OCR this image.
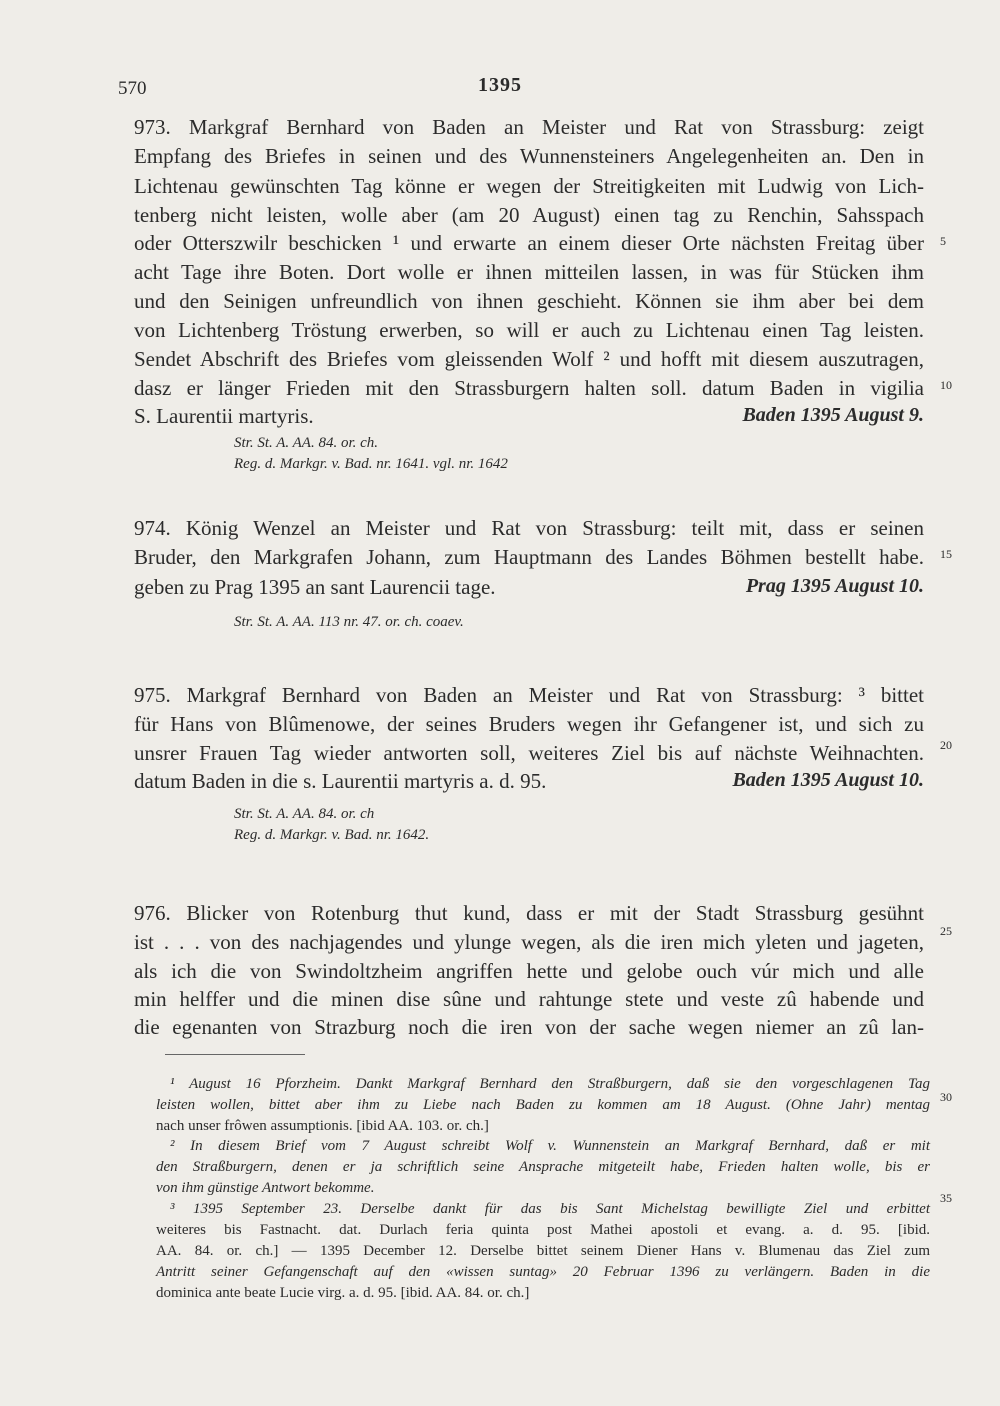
570	1395
973. Markgraf Bernhard von Baden an Meister und Rat von Strassburg: zeigt
Empfang des Briefes in seinen und des Wunnensteiners Angelegenheiten an. Den in
Lichtenau gewünschten Tag könne er wegen der Streitigkeiten mit Ludwig von Lich-
tenberg nicht leisten, wolle aber (am 20 August) einen tag zu Renchin, Sahsspach
oder Otterszwilr beschicken ¹ und erwarte an einem dieser Orte nächsten Freitag über
acht Tage ihre Boten. Dort wolle er ihnen mitteilen lassen, in was für Stücken ihm
und den Seinigen unfreundlich von ihnen geschieht. Können sie ihm aber bei dem
von Lichtenberg Tröstung erwerben, so will er auch zu Lichtenau einen Tag leisten.
Sendet Abschrift des Briefes vom gleissenden Wolf ² und hofft mit diesem auszutragen,
dasz er länger Frieden mit den Strassburgern halten soll. datum Baden in vigilia
S. Laurentii martyris.	Baden 1395 August 9.
Str. St. A. AA. 84. or. ch.
Reg. d. Markgr. v. Bad. nr. 1641. vgl. nr. 1642
974. König Wenzel an Meister und Rat von Strassburg: teilt mit, dass er seinen
Bruder, den Markgrafen Johann, zum Hauptmann des Landes Böhmen bestellt habe.
geben zu Prag 1395 an sant Laurencii tage.	Prag 1395 August 10.
Str. St. A. AA. 113 nr. 47. or. ch. coaev.
975. Markgraf Bernhard von Baden an Meister und Rat von Strassburg: ³ bittet
für Hans von Blûmenowe, der seines Bruders wegen ihr Gefangener ist, und sich zu
unsrer Frauen Tag wieder antworten soll, weiteres Ziel bis auf nächste Weihnachten.
datum Baden in die s. Laurentii martyris a. d. 95.	Baden 1395 August 10.
Str. St. A. AA. 84. or. ch
Reg. d. Markgr. v. Bad. nr. 1642.
976. Blicker von Rotenburg thut kund, dass er mit der Stadt Strassburg gesühnt
ist . . . von des nachjagendes und ylunge wegen, als die iren mich yleten und jageten,
als ich die von Swindoltzheim angriffen hette und gelobe ouch vúr mich und alle
min helffer und die minen dise sûne und rahtunge stete und veste zû habende und
die egenanten von Strazburg noch die iren von der sache wegen niemer an zû lan-
¹ August 16 Pforzheim. Dankt Markgraf Bernhard den Straßburgern, daß sie den vorgeschlagenen Tag
leisten wollen, bittet aber ihm zu Liebe nach Baden zu kommen am 18 August. (Ohne Jahr) mentag
nach unser frôwen assumptionis. [ibid AA. 103. or. ch.]
² In diesem Brief vom 7 August schreibt Wolf v. Wunnenstein an Markgraf Bernhard, daß er mit
den Straßburgern, denen er ja schriftlich seine Ansprache mitgeteilt habe, Frieden halten wolle, bis er
von ihm günstige Antwort bekomme.
³ 1395 September 23. Derselbe dankt für das bis Sant Michelstag bewilligte Ziel und erbittet
weiteres bis Fastnacht. dat. Durlach feria quinta post Mathei apostoli et evang. a. d. 95. [ibid.
AA. 84. or. ch.] — 1395 December 12. Derselbe bittet seinem Diener Hans v. Blumenau das Ziel zum
Antritt seiner Gefangenschaft auf den «wissen suntag» 20 Februar 1396 zu verlängern. Baden in die
dominica ante beate Lucie virg. a. d. 95. [ibid. AA. 84. or. ch.]
5
10
15
20
25
30
35
